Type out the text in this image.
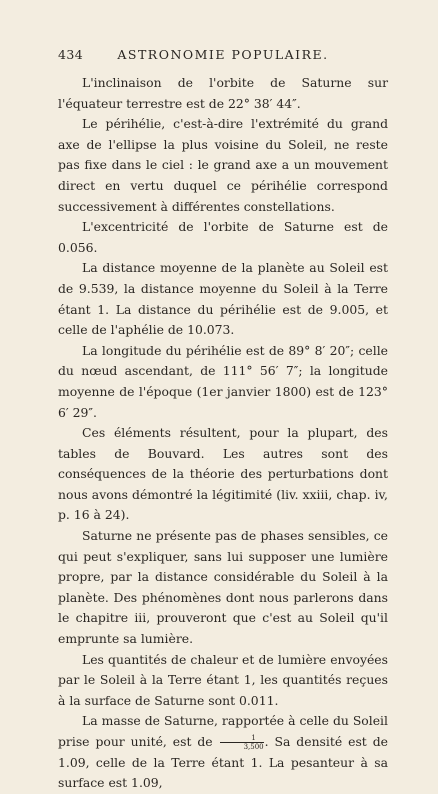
434	ASTRONOMIE POPULAIRE.

L'inclinaison de l'orbite de Saturne sur l'équateur terrestre est de 22° 38′ 44″.

Le périhélie, c'est-à-dire l'extrémité du grand axe de l'ellipse la plus voisine du Soleil, ne reste pas fixe dans le ciel : le grand axe a un mouvement direct en vertu duquel ce périhélie correspond successivement à différentes constellations.

L'excentricité de l'orbite de Saturne est de 0.056.

La distance moyenne de la planète au Soleil est de 9.539, la distance moyenne du Soleil à la Terre étant 1. La distance du périhélie est de 9.005, et celle de l'aphélie de 10.073.

La longitude du périhélie est de 89° 8′ 20″; celle du nœud ascendant, de 111° 56′ 7″; la longitude moyenne de l'époque (1er janvier 1800) est de 123° 6′ 29″.

Ces éléments résultent, pour la plupart, des tables de Bouvard. Les autres sont des conséquences de la théorie des perturbations dont nous avons démontré la légitimité (liv. xxiii, chap. iv, p. 16 à 24).

Saturne ne présente pas de phases sensibles, ce qui peut s'expliquer, sans lui supposer une lumière propre, par la distance considérable du Soleil à la planète. Des phénomènes dont nous parlerons dans le chapitre iii, prouveront que c'est au Soleil qu'il emprunte sa lumière.

Les quantités de chaleur et de lumière envoyées par le Soleil à la Terre étant 1, les quantités reçues à la surface de Saturne sont 0.011.

La masse de Saturne, rapportée à celle du Soleil prise pour unité, est de $\frac{1}{3,500}$ . Sa densité est de 1.09, celle de la Terre étant 1. La pesanteur à sa surface est 1.09,
